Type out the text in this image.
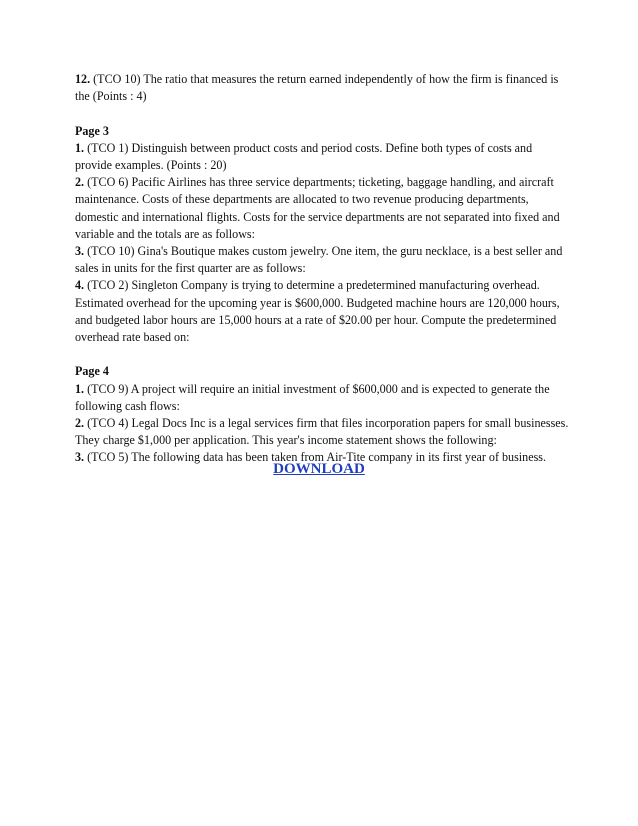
12. (TCO 10) The ratio that measures the return earned independently of how the firm is financed is the (Points : 4)

Page 3

1. (TCO 1) Distinguish between product costs and period costs. Define both types of costs and provide examples. (Points : 20)

2. (TCO 6) Pacific Airlines has three service departments; ticketing, baggage handling, and aircraft maintenance. Costs of these departments are allocated to two revenue producing departments, domestic and international flights. Costs for the service departments are not separated into fixed and variable and the totals are as follows:

3. (TCO 10) Gina's Boutique makes custom jewelry. One item, the guru necklace, is a best seller and sales in units for the first quarter are as follows:

4. (TCO 2) Singleton Company is trying to determine a predetermined manufacturing overhead. Estimated overhead for the upcoming year is $600,000. Budgeted machine hours are 120,000 hours, and budgeted labor hours are 15,000 hours at a rate of $20.00 per hour. Compute the predetermined overhead rate based on:

Page 4

1. (TCO 9) A project will require an initial investment of $600,000 and is expected to generate the following cash flows:

2. (TCO 4) Legal Docs Inc is a legal services firm that files incorporation papers for small businesses. They charge $1,000 per application. This year's income statement shows the following:

3. (TCO 5) The following data has been taken from Air-Tite company in its first year of business.

DOWNLOAD
